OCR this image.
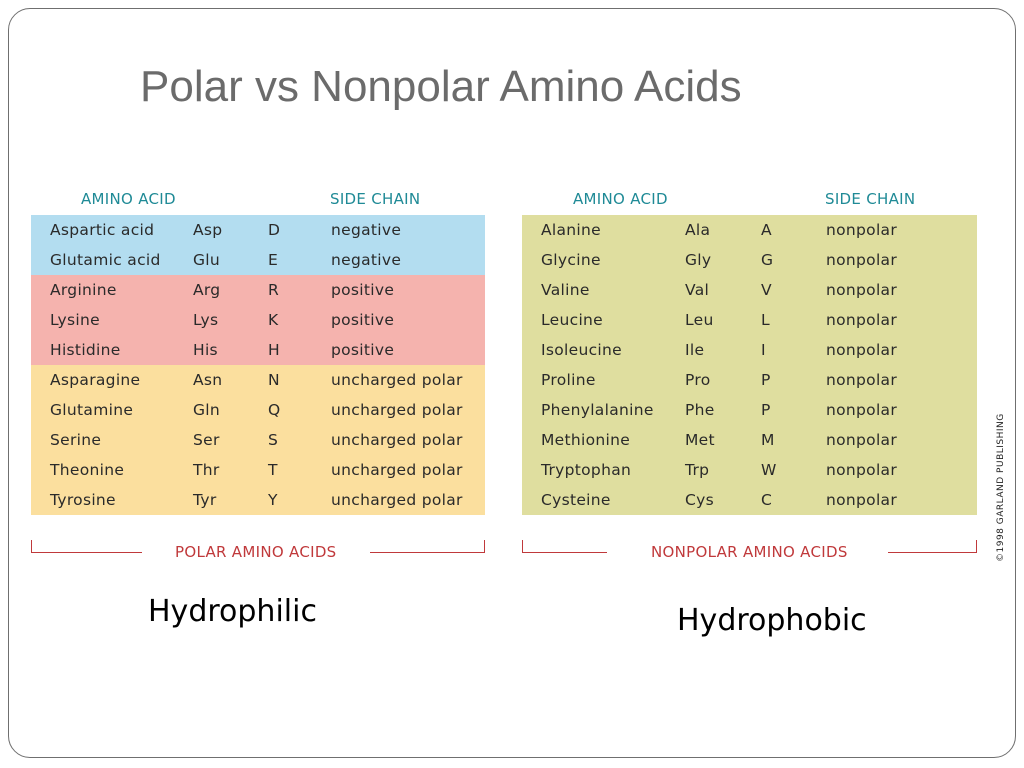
Polar vs Nonpolar Amino Acids
AMINO ACID	SIDE CHAIN
Aspartic acid Asp	D	negative
Glutamic acid Glu	E	negative
Arginine	Arg	R	positive
Lysine	Lys	K	positive
Histidine	His	H	positive
Asparagine	Asn	N	uncharged polar
Glutamine	Gln	Q	uncharged polar
Serine	Ser	S	uncharged polar
Theonine	Thr	T	uncharged polar
Tyrosine	Tyr	Y	uncharged polar
AMINO ACID	SIDE CHAIN
Alanine	Ala	A	nonpolar
Glycine	Gly	G	nonpolar
Valine	Val	V	nonpolar
Leucine	Leu	L	nonpolar
Isoleucine	Ile	I	nonpolar
Proline	Pro	P	nonpolar
Phenylalanine Phe	P	nonpolar
Methionine	Met	M	nonpolar
Tryptophan	Trp	W	nonpolar
Cysteine	Cys	C	nonpolar
POLAR AMINO ACIDS	NONPOLAR AMINO ACIDS	©1998 GARLAND PUBLISHING
Hydrophilic	Hydrophobic
